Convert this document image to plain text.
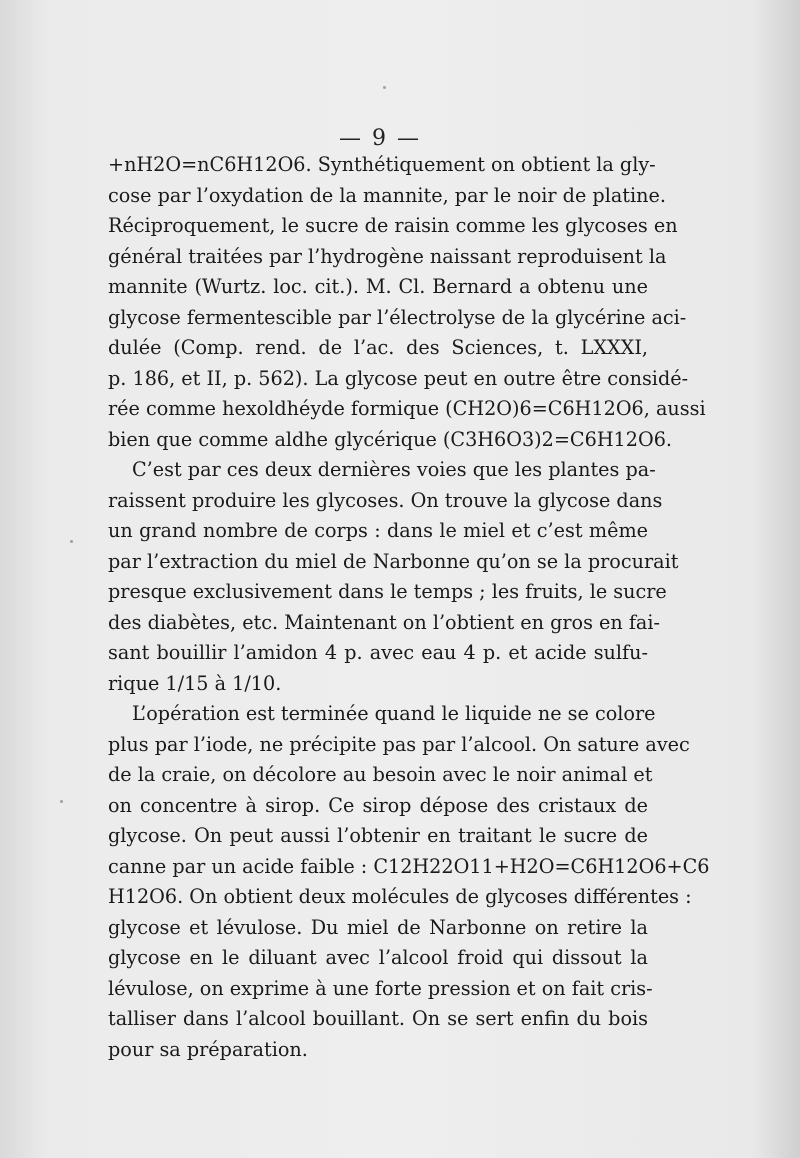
— 9 —
+nH2O=nC6H12O6. Synthétiquement on obtient la gly-
cose par l’oxydation de la mannite, par le noir de platine.
Réciproquement, le sucre de raisin comme les glycoses en
général traitées par l’hydrogène naissant reproduisent la
mannite (Wurtz. loc. cit.). M. Cl. Bernard a obtenu une
glycose fermentescible par l’électrolyse de la glycérine aci-
dulée (Comp. rend. de l’ac. des Sciences, t. LXXXI,
p. 186, et II, p. 562). La glycose peut en outre être considé-
rée comme hexoldhéyde formique (CH2O)6=C6H12O6, aussi
bien que comme aldhe glycérique (C3H6O3)2=C6H12O6.
C’est par ces deux dernières voies que les plantes pa-
raissent produire les glycoses. On trouve la glycose dans
un grand nombre de corps : dans le miel et c’est même
par l’extraction du miel de Narbonne qu’on se la procurait
presque exclusivement dans le temps ; les fruits, le sucre
des diabètes, etc. Maintenant on l’obtient en gros en fai-
sant bouillir l’amidon 4 p. avec eau 4 p. et acide sulfu-
rique 1/15 à 1/10.
L’opération est terminée quand le liquide ne se colore
plus par l’iode, ne précipite pas par l’alcool. On sature avec
de la craie, on décolore au besoin avec le noir animal et
on concentre à sirop. Ce sirop dépose des cristaux de
glycose. On peut aussi l’obtenir en traitant le sucre de
canne par un acide faible : C12H22O11+H2O=C6H12O6+C6
H12O6. On obtient deux molécules de glycoses différentes :
glycose et lévulose. Du miel de Narbonne on retire la
glycose en le diluant avec l’alcool froid qui dissout la
lévulose, on exprime à une forte pression et on fait cris-
talliser dans l’alcool bouillant. On se sert enfin du bois
pour sa préparation.
